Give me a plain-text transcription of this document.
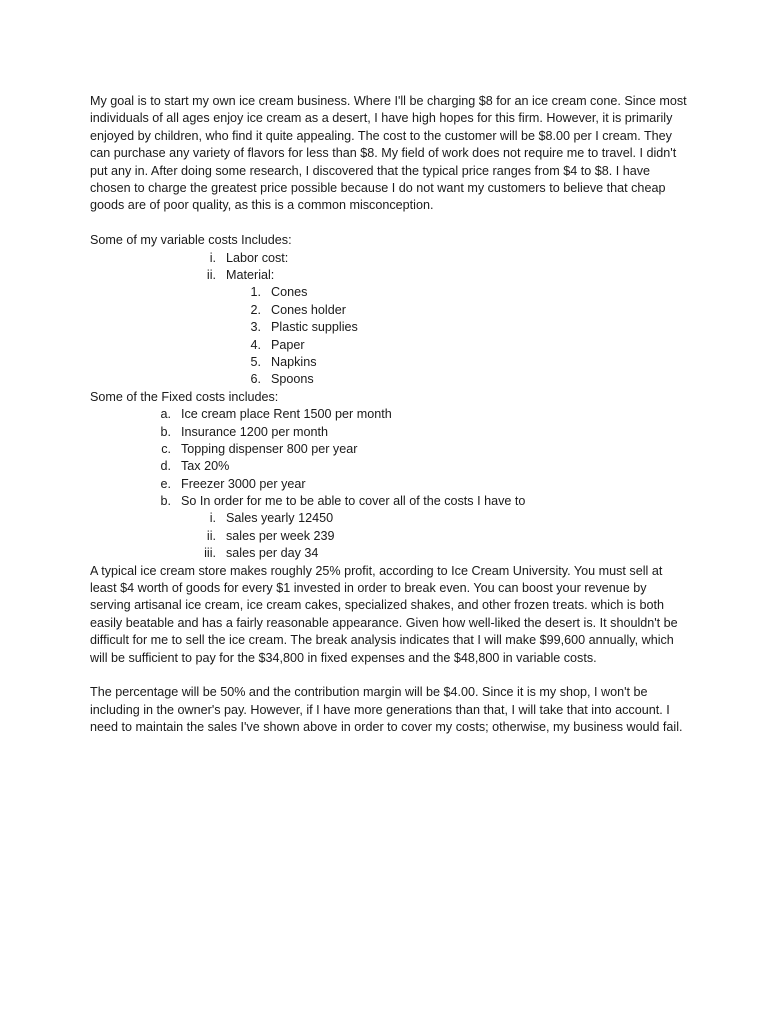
My goal is to start my own ice cream business. Where I'll be charging $8 for an ice cream cone. Since most individuals of all ages enjoy ice cream as a desert, I have high hopes for this firm. However, it is primarily enjoyed by children, who find it quite appealing. The cost to the customer will be $8.00 per I cream. They can purchase any variety of flavors for less than $8. My field of work does not require me to travel. I didn't put any in. After doing some research, I discovered that the typical price ranges from $4 to $8. I have chosen to charge the greatest price possible because I do not want my customers to believe that cheap goods are of poor quality, as this is a common misconception.

Some of my variable costs Includes:
i. Labor cost:
ii. Material:
1. Cones
2. Cones holder
3. Plastic supplies
4. Paper
5. Napkins
6. Spoons
Some of the Fixed costs includes:
a. Ice cream place Rent 1500 per month
b. Insurance 1200 per month
c. Topping dispenser 800 per year
d. Tax 20%
e. Freezer 3000 per year
b. So In order for me to be able to cover all of the costs I have to
i. Sales yearly 12450
ii. sales per week 239
iii. sales per day 34

A typical ice cream store makes roughly 25% profit, according to Ice Cream University. You must sell at least $4 worth of goods for every $1 invested in order to break even. You can boost your revenue by serving artisanal ice cream, ice cream cakes, specialized shakes, and other frozen treats. which is both easily beatable and has a fairly reasonable appearance. Given how well-liked the desert is. It shouldn't be difficult for me to sell the ice cream. The break analysis indicates that I will make $99,600 annually, which will be sufficient to pay for the $34,800 in fixed expenses and the $48,800 in variable costs.

The percentage will be 50% and the contribution margin will be $4.00. Since it is my shop, I won't be including in the owner's pay. However, if I have more generations than that, I will take that into account. I need to maintain the sales I've shown above in order to cover my costs; otherwise, my business would fail.
